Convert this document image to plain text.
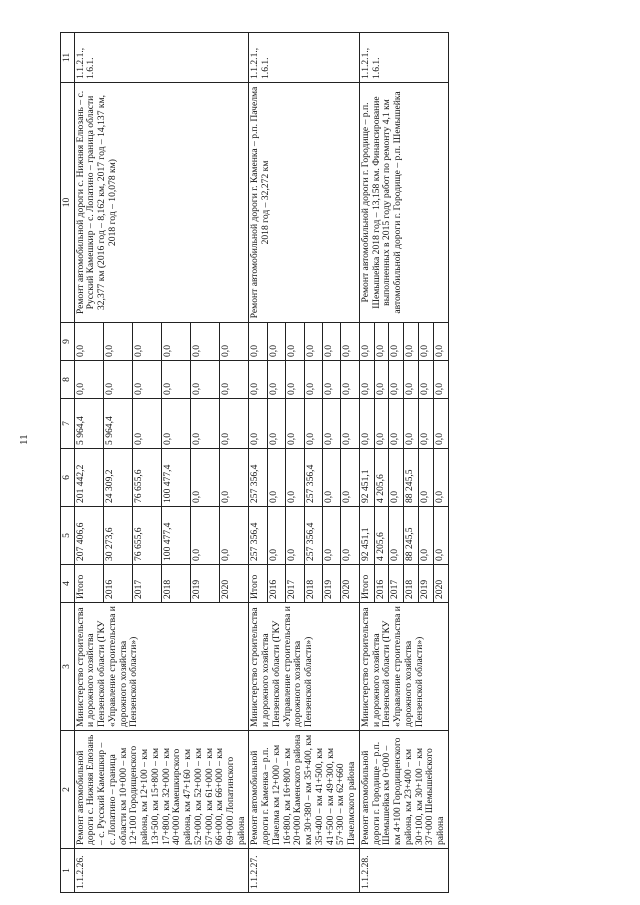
11
1	2	3	4	5	6	7	8	9	10	11
1.1.2.26.	Ремонт автомобильной дороги с. Нижняя Елюзань – с. Русский Камешкир – с. Лопатино – граница области км 10+000 – км 12+100 Городищенского района, км 12+100 – км 13+500, км 15+800 – км 17+800, км 32+000 – км 40+000 Камешкирского района, км 47+160 – км 52+000, км 52+000 – км 57+000, км 61+000 – км 66+000, км 66+000 – км 69+000 Лопатинского района	Министерство строительства и дорожного хозяйства Пензенской области (ГКУ «Управление строительства и дорожного хозяйства Пензенской области»)	Итого	207 406,6	201 442,2	5 964,4	0,0	0,0	Ремонт автомобильной дороги с. Нижняя Елюзань – с. Русский Камешкир – с. Лопатино – граница области 32,377 км (2016 год – 8,162 км, 2017 год – 14,137 км, 2018 год – 10,078 км)	1.1.2.1., 1.6.1.
			2016	30 273,6	24 309,2	5 964,4	0,0	0,0		
			2017	76 655,6	76 655,6	0,0	0,0	0,0		
			2018	100 477,4	100 477,4	0,0	0,0	0,0		
			2019	0,0	0,0	0,0	0,0	0,0		
			2020	0,0	0,0	0,0	0,0	0,0		
1.1.2.27.	Ремонт автомобильной дороги г. Каменка – р.п. Пачелма км 12+000 – км 16+800, км 16+800 – км 20+000 Каменского района км 30+380 – км 35+400, км 35+400 – км 41+500, км 41+500 – км 49+300, км 57+300 – км 62+660 Пачелмского района	Министерство строительства и дорожного хозяйства Пензенской области (ГКУ «Управление строительства и дорожного хозяйства Пензенской области»)	Итого	257 356,4	257 356,4	0,0	0,0	0,0	Ремонт автомобильной дороги г. Каменка – р.п. Пачелма 2018 год – 32,272 км	1.1.2.1., 1.6.1.
			2016	0,0	0,0	0,0	0,0	0,0		
			2017	0,0	0,0	0,0	0,0	0,0		
			2018	257 356,4	257 356,4	0,0	0,0	0,0		
			2019	0,0	0,0	0,0	0,0	0,0		
			2020	0,0	0,0	0,0	0,0	0,0		
1.1.2.28.	Ремонт автомобильной дороги г. Городище – р.п. Шемышейка км 0+000 – км 4+100 Городищенского района, км 23+400 – км 30+100, км 30+100 – км 37+000 Шемышейского района	Министерство строительства и дорожного хозяйства Пензенской области (ГКУ «Управление строительства и дорожного хозяйства Пензенской области»)	Итого	92 451,1	92 451,1	0,0	0,0	0,0	Ремонт автомобильной дороги г. Городище – р.п. Шемышейка 2018 год – 13,158 км. Финансирование выполненных в 2015 году работ по ремонту 4,1 км автомобильной дороги г. Городище – р.п. Шемышейка	1.1.2.1., 1.6.1.
			2016	4 205,6	4 205,6	0,0	0,0	0,0		
			2017	0,0	0,0	0,0	0,0	0,0		
			2018	88 245,5	88 245,5	0,0	0,0	0,0		
			2019	0,0	0,0	0,0	0,0	0,0		
			2020	0,0	0,0	0,0	0,0	0,0		
